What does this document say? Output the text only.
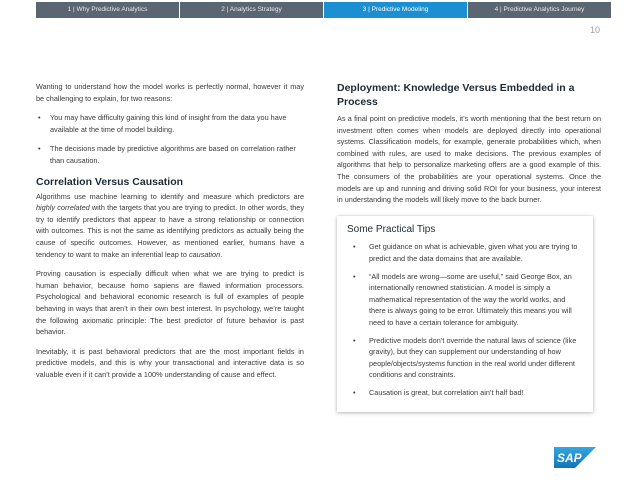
1 | Why Predictive Analytics	2 | Analytics Strategy	3 | Predictive Modeling	4 | Predictive Analytics Journey
10

Wanting to understand how the model works is perfectly normal, however it may be challenging to explain, for two reasons:

• You may have difficulty gaining this kind of insight from the data you have available at the time of model building.
• The decisions made by predictive algorithms are based on correlation rather than causation.
Correlation Versus Causation

Algorithms use machine learning to identify and measure which predictors are highly correlated with the targets that you are trying to predict. In other words, they try to identify predictors that appear to have a strong relationship or connection with outcomes. This is not the same as identifying predictors as actually being the cause of specific outcomes. However, as mentioned earlier, humans have a tendency to want to make an inferential leap to causation.

Proving causation is especially difficult when what we are trying to predict is human behavior, because homo sapiens are flawed information processors. Psychological and behavioral economic research is full of examples of people behaving in ways that aren’t in their own best interest. In psychology, we’re taught the following axiomatic principle: The best predictor of future behavior is past behavior.

Inevitably, it is past behavioral predictors that are the most important fields in predictive models, and this is why your transactional and interactive data is so valuable even if it can’t provide a 100% understanding of cause and effect.

Deployment: Knowledge Versus Embedded in a Process

As a final point on predictive models, it’s worth mentioning that the best return on investment often comes when models are deployed directly into operational systems. Classification models, for example, generate probabilities which, when combined with rules, are used to make decisions. The previous examples of algorithms that help to personalize marketing offers are a good example of this. The consumers of the probabilities are your operational systems. Once the models are up and running and driving solid ROI for your business, your interest in understanding the models will likely move to the back burner.

Some Practical Tips
• Get guidance on what is achievable, given what you are trying to predict and the data domains that are available.
• “All models are wrong—some are useful,” said George Box, an internationally renowned statistician. A model is simply a mathematical representation of the way the world works, and there is always going to be error. Ultimately this means you will need to have a certain tolerance for ambiguity.
• Predictive models don’t override the natural laws of science (like gravity), but they can supplement our understanding of how people/objects/systems function in the real world under different conditions and constraints.
• Causation is great, but correlation ain’t half bad!
SAP
